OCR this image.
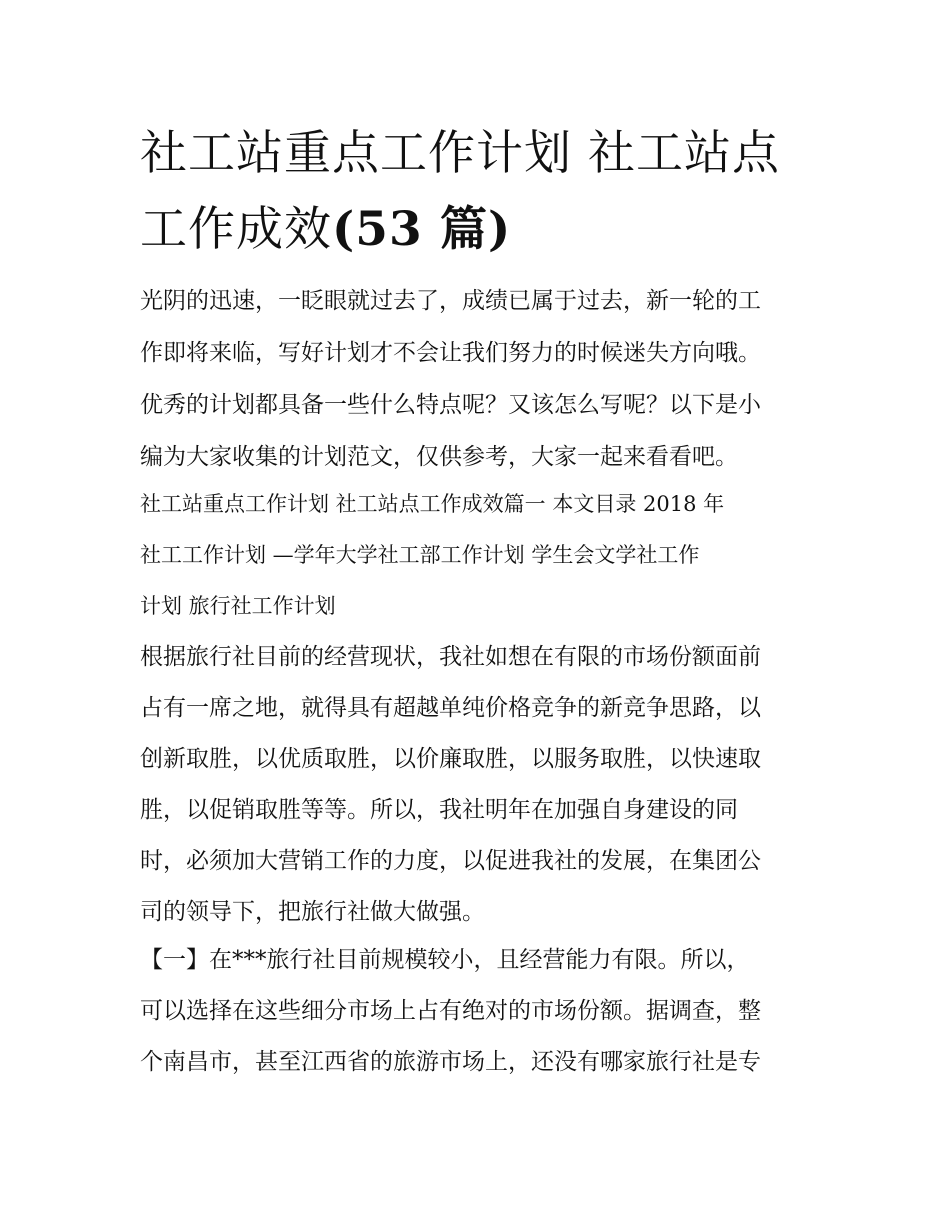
社工站重点工作计划 社工站点
工作成效(53 篇)

光阴的迅速，一眨眼就过去了，成绩已属于过去，新一轮的工

作即将来临，写好计划才不会让我们努力的时候迷失方向哦。

优秀的计划都具备一些什么特点呢？又该怎么写呢？以下是小

编为大家收集的计划范文，仅供参考，大家一起来看看吧。

社工站重点工作计划 社工站点工作成效篇一 本文目录 2018 年

社工工作计划 —学年大学社工部工作计划 学生会文学社工作

计划 旅行社工作计划

根据旅行社目前的经营现状，我社如想在有限的市场份额面前

占有一席之地，就得具有超越单纯价格竞争的新竞争思路，以

创新取胜，以优质取胜，以价廉取胜，以服务取胜，以快速取

胜，以促销取胜等等。所以，我社明年在加强自身建设的同

时，必须加大营销工作的力度，以促进我社的发展，在集团公

司的领导下，把旅行社做大做强。

【一】在***旅行社目前规模较小，且经营能力有限。所以，

可以选择在这些细分市场上占有绝对的市场份额。据调查，整

个南昌市，甚至江西省的旅游市场上，还没有哪家旅行社是专
